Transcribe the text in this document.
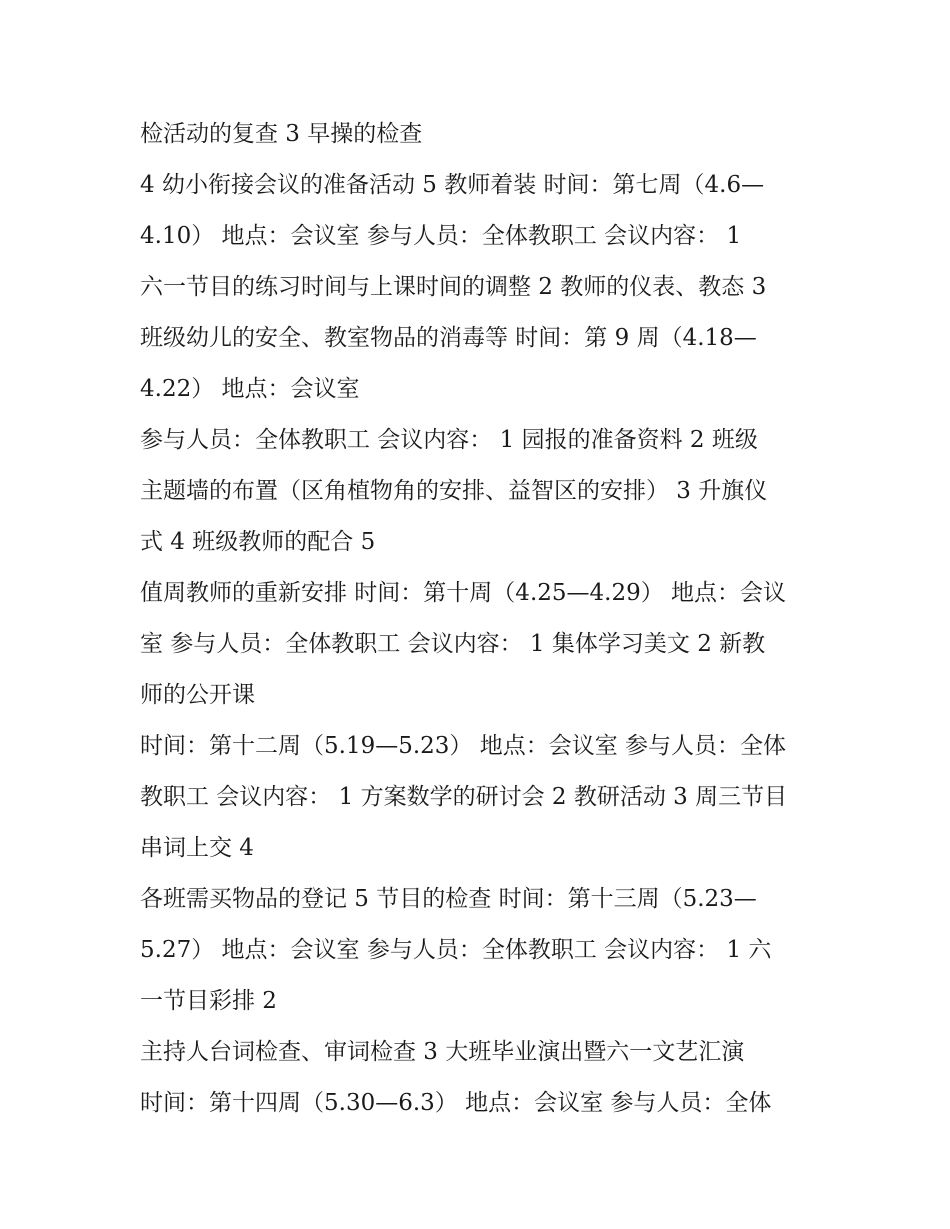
检活动的复查 3 早操的检查
4 幼小衔接会议的准备活动 5 教师着装 时间：第七周（4.6—
4.10） 地点：会议室 参与人员：全体教职工 会议内容： 1
六一节目的练习时间与上课时间的调整 2 教师的仪表、教态 3
班级幼儿的安全、教室物品的消毒等 时间：第 9 周（4.18—
4.22） 地点：会议室
参与人员：全体教职工 会议内容： 1 园报的准备资料 2 班级
主题墙的布置（区角植物角的安排、益智区的安排） 3 升旗仪
式 4 班级教师的配合 5
值周教师的重新安排 时间：第十周（4.25—4.29） 地点：会议
室 参与人员：全体教职工 会议内容： 1 集体学习美文 2 新教
师的公开课
时间：第十二周（5.19—5.23） 地点：会议室 参与人员：全体
教职工 会议内容： 1 方案数学的研讨会 2 教研活动 3 周三节目
串词上交 4
各班需买物品的登记 5 节目的检查 时间：第十三周（5.23—
5.27） 地点：会议室 参与人员：全体教职工 会议内容： 1 六
一节目彩排 2
主持人台词检查、审词检查 3 大班毕业演出暨六一文艺汇演
时间：第十四周（5.30—6.3） 地点：会议室 参与人员：全体
